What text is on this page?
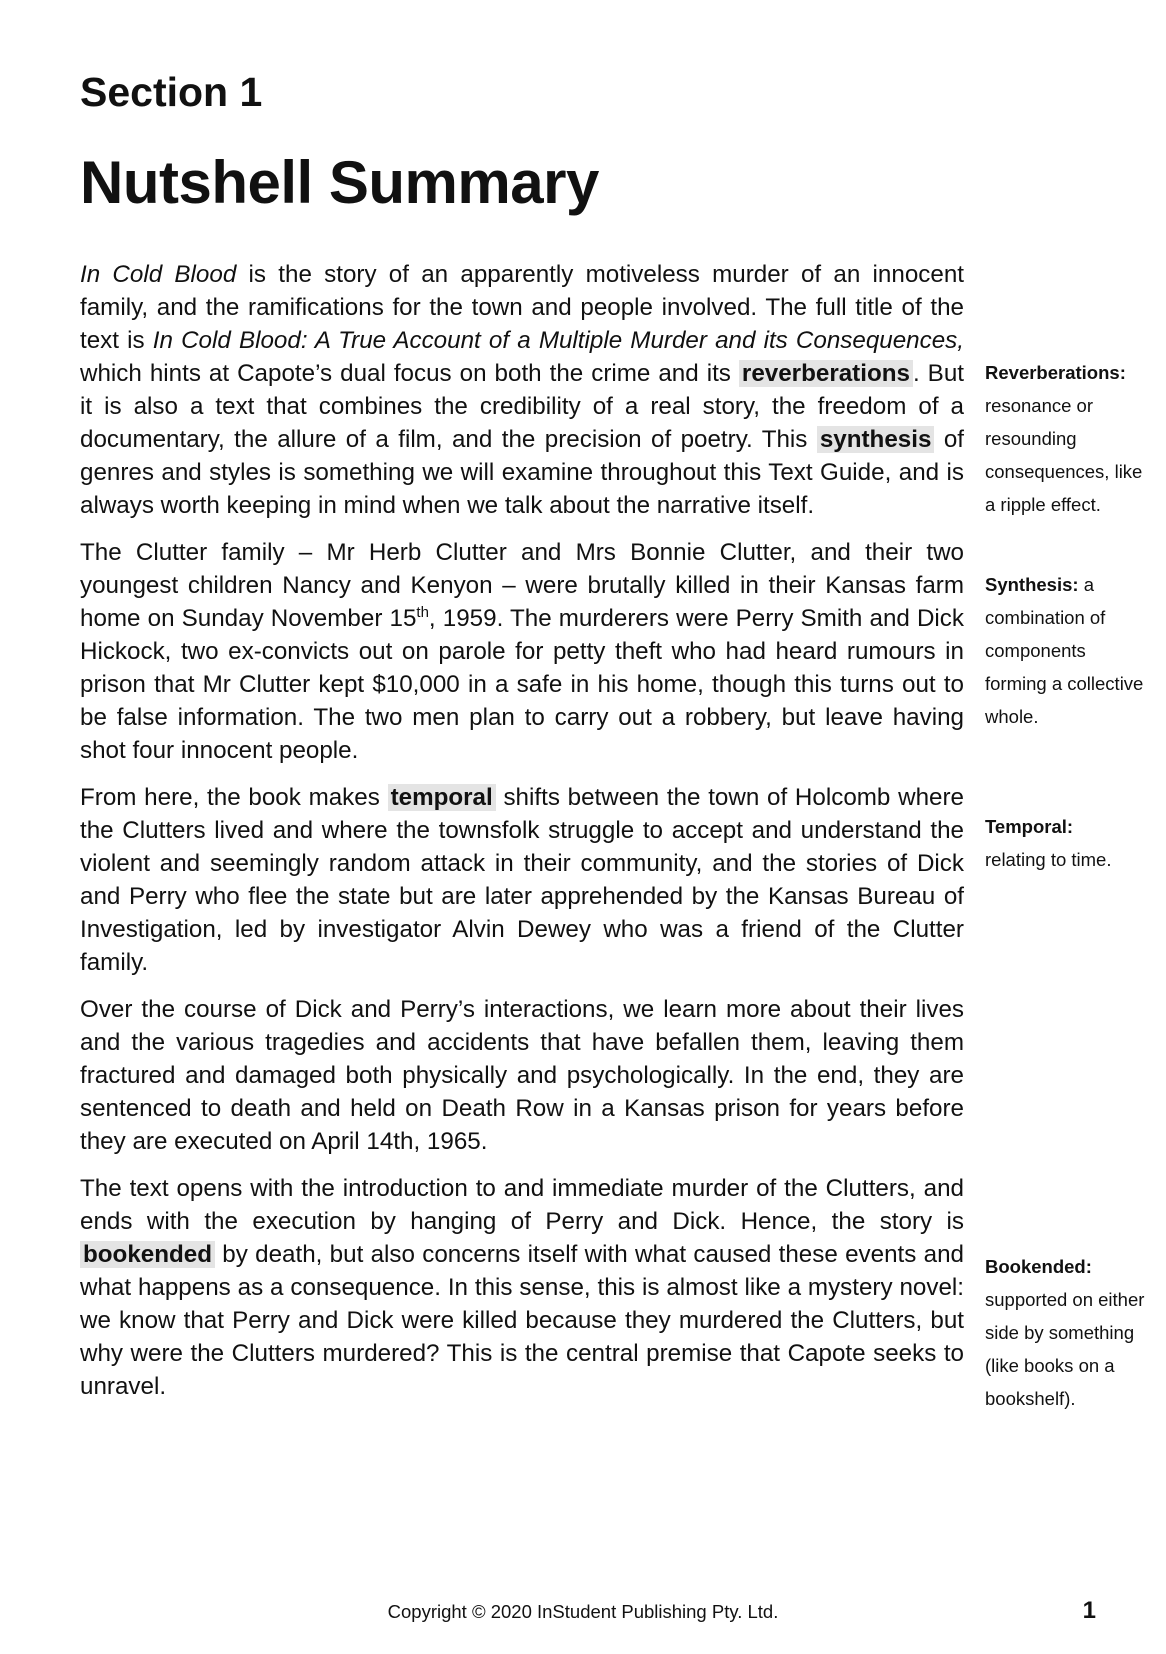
Section 1
Nutshell Summary

In Cold Blood is the story of an apparently motiveless murder of an innocent family, and the ramifications for the town and people involved. The full title of the text is In Cold Blood: A True Account of a Multiple Murder and its Consequences, which hints at Capote’s dual focus on both the crime and its reverberations . But it is also a text that combines the credibility of a real story, the freedom of a documentary, the allure of a film, and the precision of poetry. This synthesis of genres and styles is something we will examine throughout this Text Guide, and is always worth keeping in mind when we talk about the narrative itself.

The Clutter family – Mr Herb Clutter and Mrs Bonnie Clutter, and their two youngest children Nancy and Kenyon – were brutally killed in their Kansas farm home on Sunday November 15th, 1959. The murderers were Perry Smith and Dick Hickock, two ex-convicts out on parole for petty theft who had heard rumours in prison that Mr Clutter kept $10,000 in a safe in his home, though this turns out to be false information. The two men plan to carry out a robbery, but leave having shot four innocent people.

From here, the book makes temporal shifts between the town of Holcomb where the Clutters lived and where the townsfolk struggle to accept and understand the violent and seemingly random attack in their community, and the stories of Dick and Perry who flee the state but are later apprehended by the Kansas Bureau of Investigation, led by investigator Alvin Dewey who was a friend of the Clutter family.

Over the course of Dick and Perry’s interactions, we learn more about their lives and the various tragedies and accidents that have befallen them, leaving them fractured and damaged both physically and psychologically. In the end, they are sentenced to death and held on Death Row in a Kansas prison for years before they are executed on April 14th, 1965.

The text opens with the introduction to and immediate murder of the Clutters, and ends with the execution by hanging of Perry and Dick. Hence, the story is bookended by death, but also concerns itself with what caused these events and what happens as a consequence. In this sense, this is almost like a mystery novel: we know that Perry and Dick were killed because they murdered the Clutters, but why were the Clutters murdered? This is the central premise that Capote seeks to unravel.

Reverberations:
resonance or resounding consequences, like a ripple effect.
Synthesis: a combination of components forming a collective whole.
Temporal:
relating to time.
Bookended:
supported on either side by something (like books on a bookshelf).
Copyright © 2020 InStudent Publishing Pty. Ltd.	1
